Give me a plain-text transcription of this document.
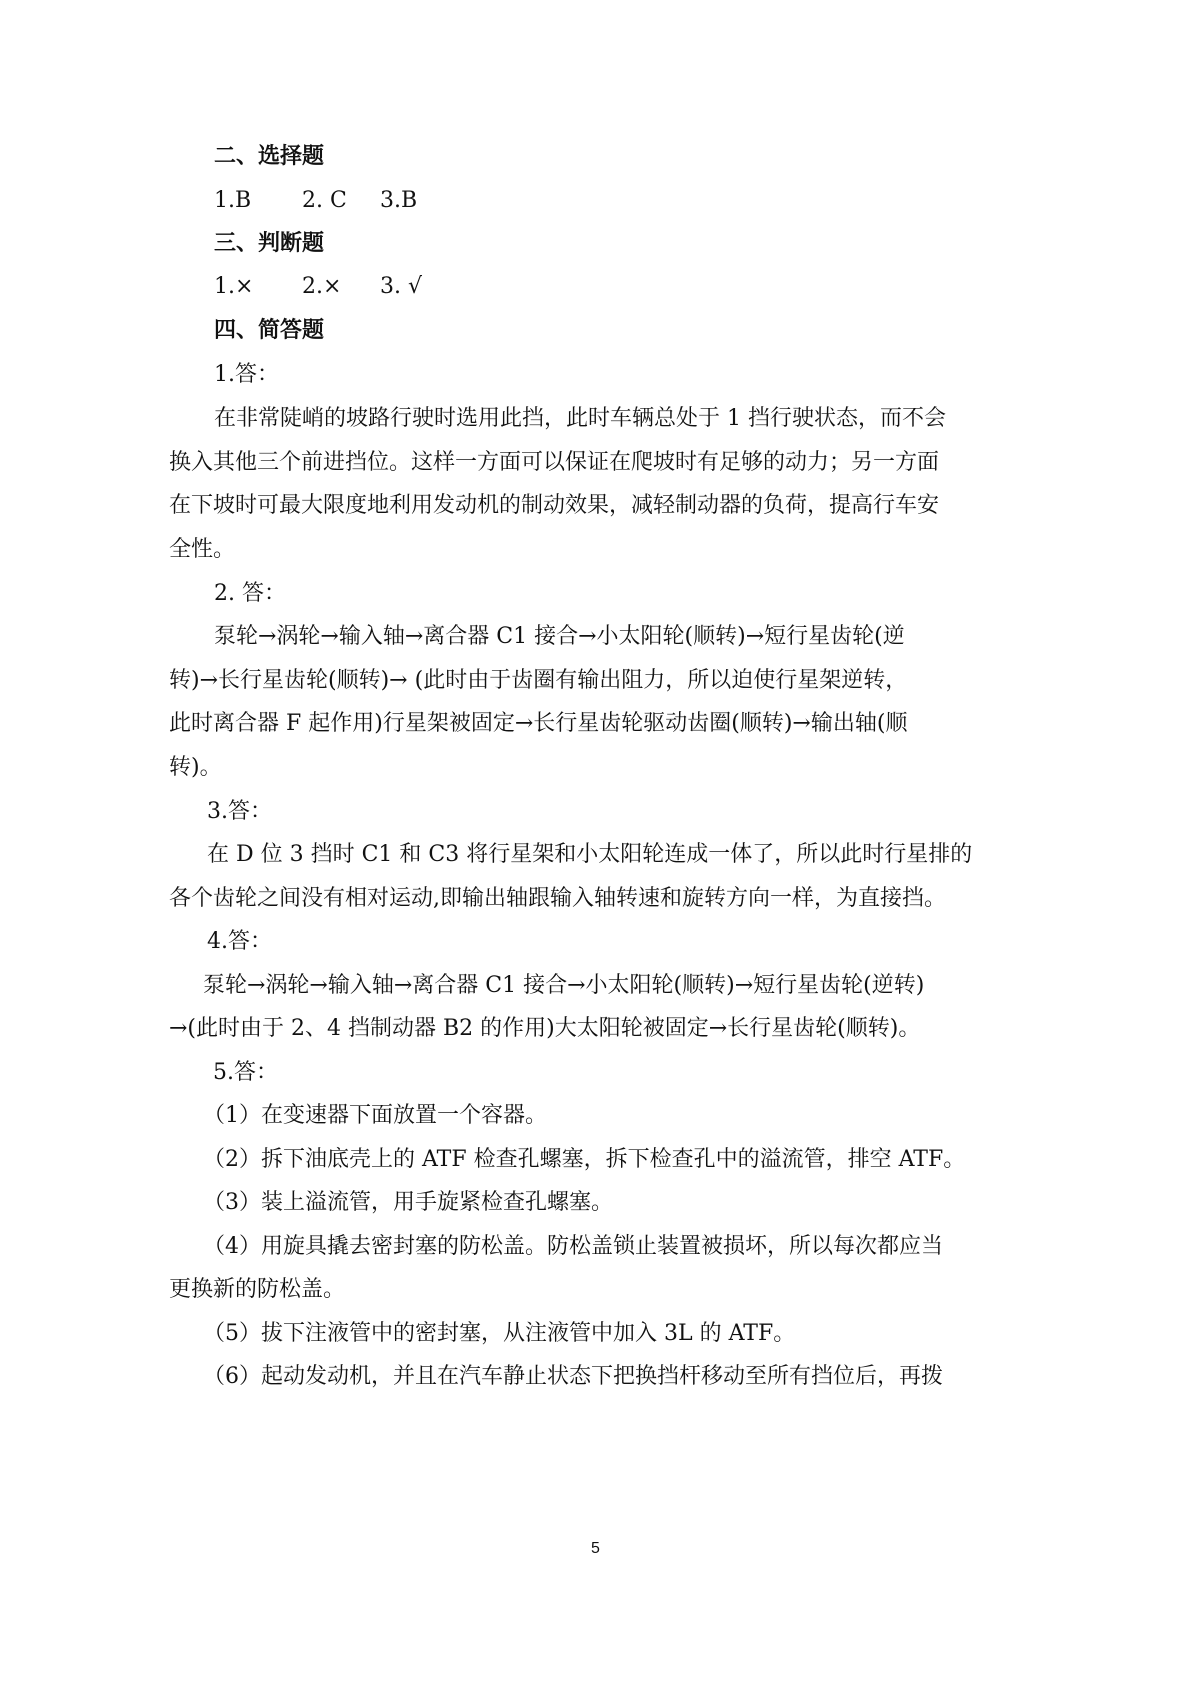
二、选择题
1.B 2. C 3.B
三、判断题
1.× 2.× 3. √
四、简答题
1.答：
在非常陡峭的坡路行驶时选用此挡，此时车辆总处于 1 挡行驶状态，而不会
换入其他三个前进挡位。这样一方面可以保证在爬坡时有足够的动力；另一方面
在下坡时可最大限度地利用发动机的制动效果，减轻制动器的负荷，提高行车安
全性。
2. 答：
泵轮→涡轮→输入轴→离合器 C1 接合→小太阳轮(顺转)→短行星齿轮(逆
转)→长行星齿轮(顺转)→ (此时由于齿圈有输出阻力，所以迫使行星架逆转，
此时离合器 F 起作用)行星架被固定→长行星齿轮驱动齿圈(顺转)→输出轴(顺
转)。
3.答：
在 D 位 3 挡时 C1 和 C3 将行星架和小太阳轮连成一体了，所以此时行星排的
各个齿轮之间没有相对运动,即输出轴跟输入轴转速和旋转方向一样，为直接挡。
4.答：
泵轮→涡轮→输入轴→离合器 C1 接合→小太阳轮(顺转)→短行星齿轮(逆转)
→(此时由于 2、4 挡制动器 B2 的作用)大太阳轮被固定→长行星齿轮(顺转)。
5.答：
（1）在变速器下面放置一个容器。
（2）拆下油底壳上的 ATF 检查孔螺塞，拆下检查孔中的溢流管，排空 ATF。
（3）装上溢流管，用手旋紧检查孔螺塞。
（4）用旋具撬去密封塞的防松盖。防松盖锁止装置被损坏，所以每次都应当
更换新的防松盖。
（5）拔下注液管中的密封塞，从注液管中加入 3L 的 ATF。
（6）起动发动机，并且在汽车静止状态下把换挡杆移动至所有挡位后，再拨
5
